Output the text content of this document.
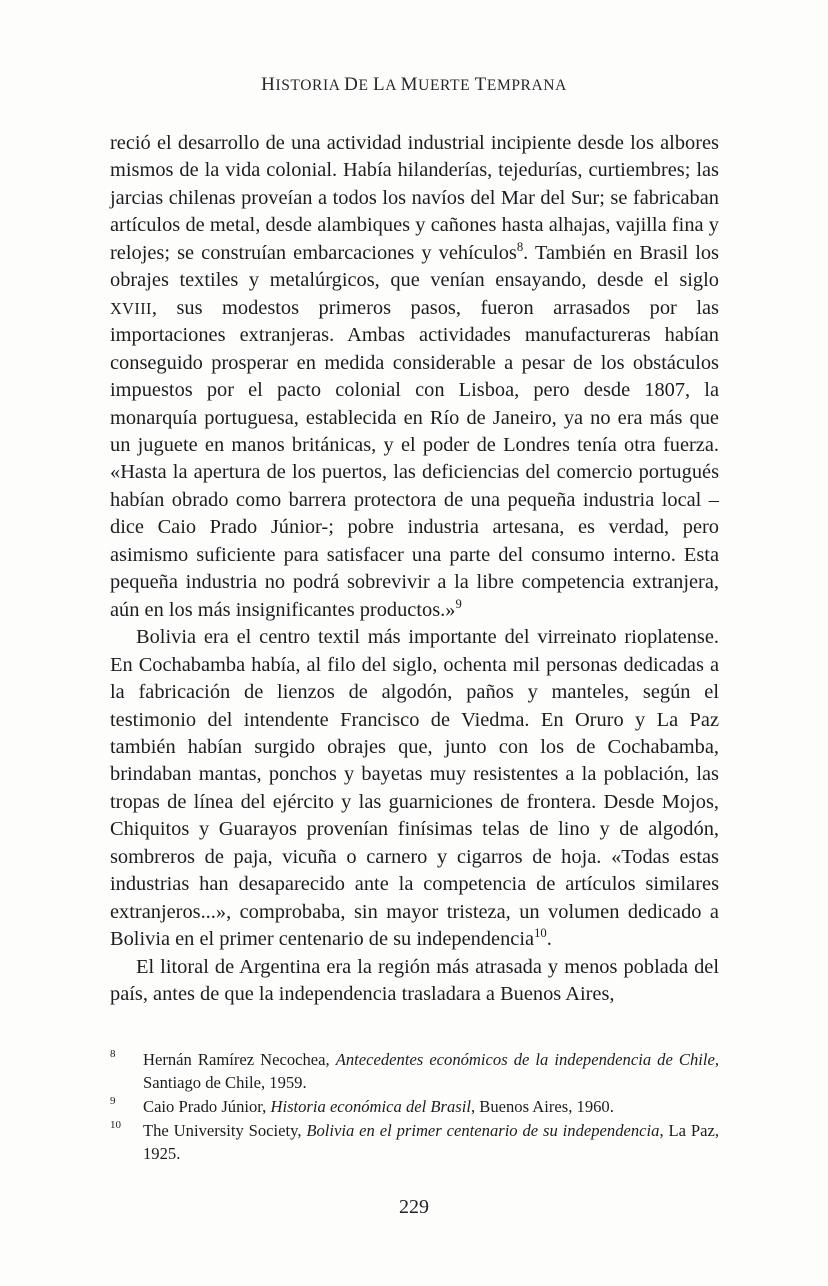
HISTORIA DE LA MUERTE TEMPRANA

reció el desarrollo de una actividad industrial incipiente desde los albores mismos de la vida colonial. Había hilanderías, tejedurías, curtiembres; las jarcias chilenas proveían a todos los navíos del Mar del Sur; se fabricaban artículos de metal, desde alambiques y cañones hasta alhajas, vajilla fina y relojes; se construían embarcaciones y vehículos$^8$. También en Brasil los obrajes textiles y metalúrgicos, que venían ensayando, desde el siglo XVIII, sus modestos primeros pasos, fueron arrasados por las importaciones extranjeras. Ambas actividades manufactureras habían conseguido prosperar en medida considerable a pesar de los obstáculos impuestos por el pacto colonial con Lisboa, pero desde 1807, la monarquía portuguesa, establecida en Río de Janeiro, ya no era más que un juguete en manos británicas, y el poder de Londres tenía otra fuerza. «Hasta la apertura de los puertos, las deficiencias del comercio portugués habían obrado como barrera protectora de una pequeña industria local –dice Caio Prado Júnior-; pobre industria artesana, es verdad, pero asimismo suficiente para satisfacer una parte del consumo interno. Esta pequeña industria no podrá sobrevivir a la libre competencia extranjera, aún en los más insignificantes productos.»$^9$

Bolivia era el centro textil más importante del virreinato rioplatense. En Cochabamba había, al filo del siglo, ochenta mil personas dedicadas a la fabricación de lienzos de algodón, paños y manteles, según el testimonio del intendente Francisco de Viedma. En Oruro y La Paz también habían surgido obrajes que, junto con los de Cochabamba, brindaban mantas, ponchos y bayetas muy resistentes a la población, las tropas de línea del ejército y las guarniciones de frontera. Desde Mojos, Chiquitos y Guarayos provenían finísimas telas de lino y de algodón, sombreros de paja, vicuña o carnero y cigarros de hoja. «Todas estas industrias han desaparecido ante la competencia de artículos similares extranjeros...», comprobaba, sin mayor tristeza, un volumen dedicado a Bolivia en el primer centenario de su independencia$^{10}$.

El litoral de Argentina era la región más atrasada y menos poblada del país, antes de que la independencia trasladara a Buenos Aires,

8	Hernán Ramírez Necochea, Antecedentes económicos de la independencia de Chile, Santiago de Chile, 1959.
9	Caio Prado Júnior, Historia económica del Brasil, Buenos Aires, 1960.
10	The University Society, Bolivia en el primer centenario de su independencia, La Paz, 1925.
229
